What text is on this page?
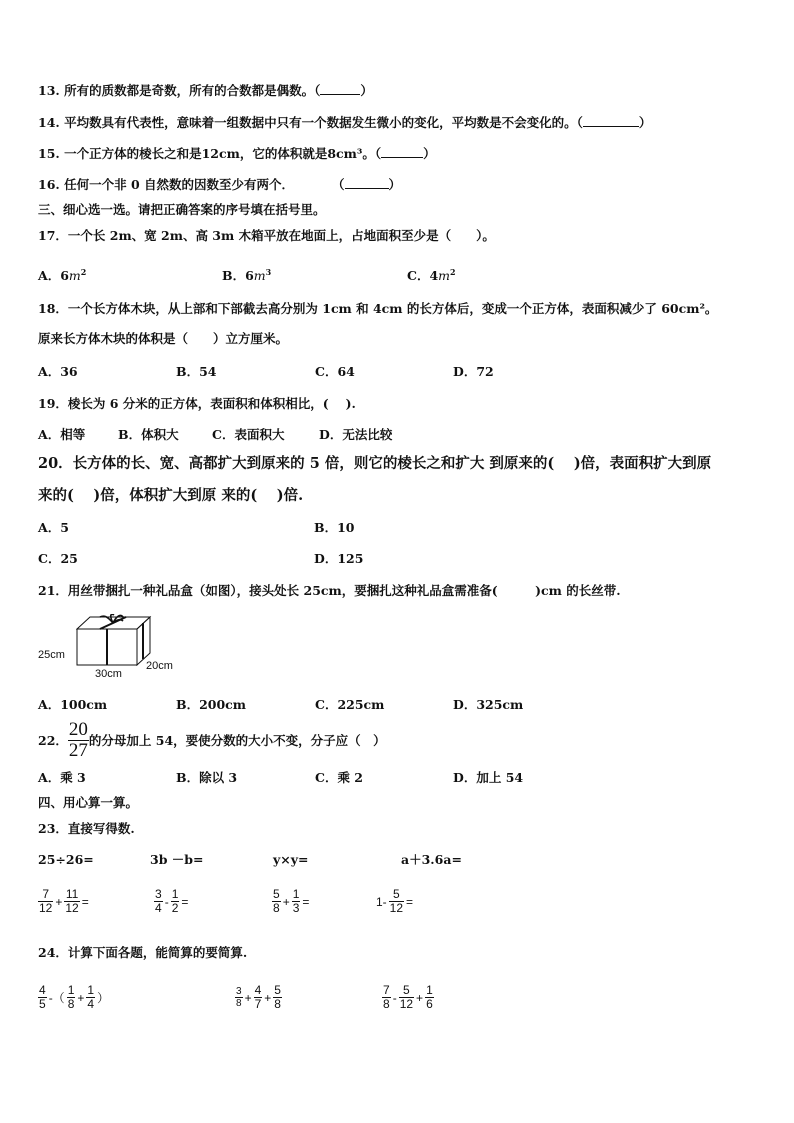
13. 所有的质数都是奇数，所有的合数都是偶数。（	）
14. 平均数具有代表性，意味着一组数据中只有一个数据发生微小的变化，平均数是不会变化的。（	）
15. 一个正方体的棱长之和是12cm，它的体积就是8cm³。（	）
16. 任何一个非 0 自然数的因数至少有两个．	（	）
三、细心选一选。请把正确答案的序号填在括号里。
17．一个长 2m、宽 2m、高 3m 木箱平放在地面上，占地面积至少是（　　）。
A．$6m^2$	B．$6m^3$	C．$4m^2$
18．一个长方体木块，从上部和下部截去高分别为 1cm 和 4cm 的长方体后，变成一个正方体，表面积减少了 60cm²。
原来长方体木块的体积是（　　）立方厘米。
A．36	B．54	C．64	D．72
19．棱长为 6 分米的正方体，表面积和体积相比，(　 ).
A．相等	B．体积大	C．表面积大	D．无法比较
20．长方体的长、宽、高都扩大到原来的 5 倍，则它的棱长之和扩大 到原来的(　 )倍，表面积扩大到原
来的(　 )倍，体积扩大到原 来的(　 )倍.
A．5	B．10
C．25	D．125
21．用丝带捆扎一种礼品盒（如图），接头处长 25cm，要捆扎这种礼品盒需准备(　　　)cm 的长丝带.
25cm
30cm
20cm
A．100cm	B．200cm	C．225cm	D．325cm
22． $\frac{20}{27}$ 的分母加上 54，要使分数的大小不变，分子应（　）
A．乘 3	B．除以 3	C．乘 2	D．加上 54
四、用心算一算。
23．直接写得数.
25÷26=	3b －b=	y×y=	a＋3.6a=
$\frac{7}{12} + \frac{11}{12}$ =	$\frac{3}{4} - \frac{1}{2}$ =	$\frac{5}{8} + \frac{1}{3}$ =	$1- \frac{5}{12}$ =
24．计算下面各题，能简算的要简算.
$\frac{4}{5}$ -（ $\frac{1}{8} + \frac{1}{4}$ ）	$\frac{3}{8} + \frac{4}{7} + \frac{5}{8}$	$\frac{7}{8} - \frac{5}{12} + \frac{1}{6}$
